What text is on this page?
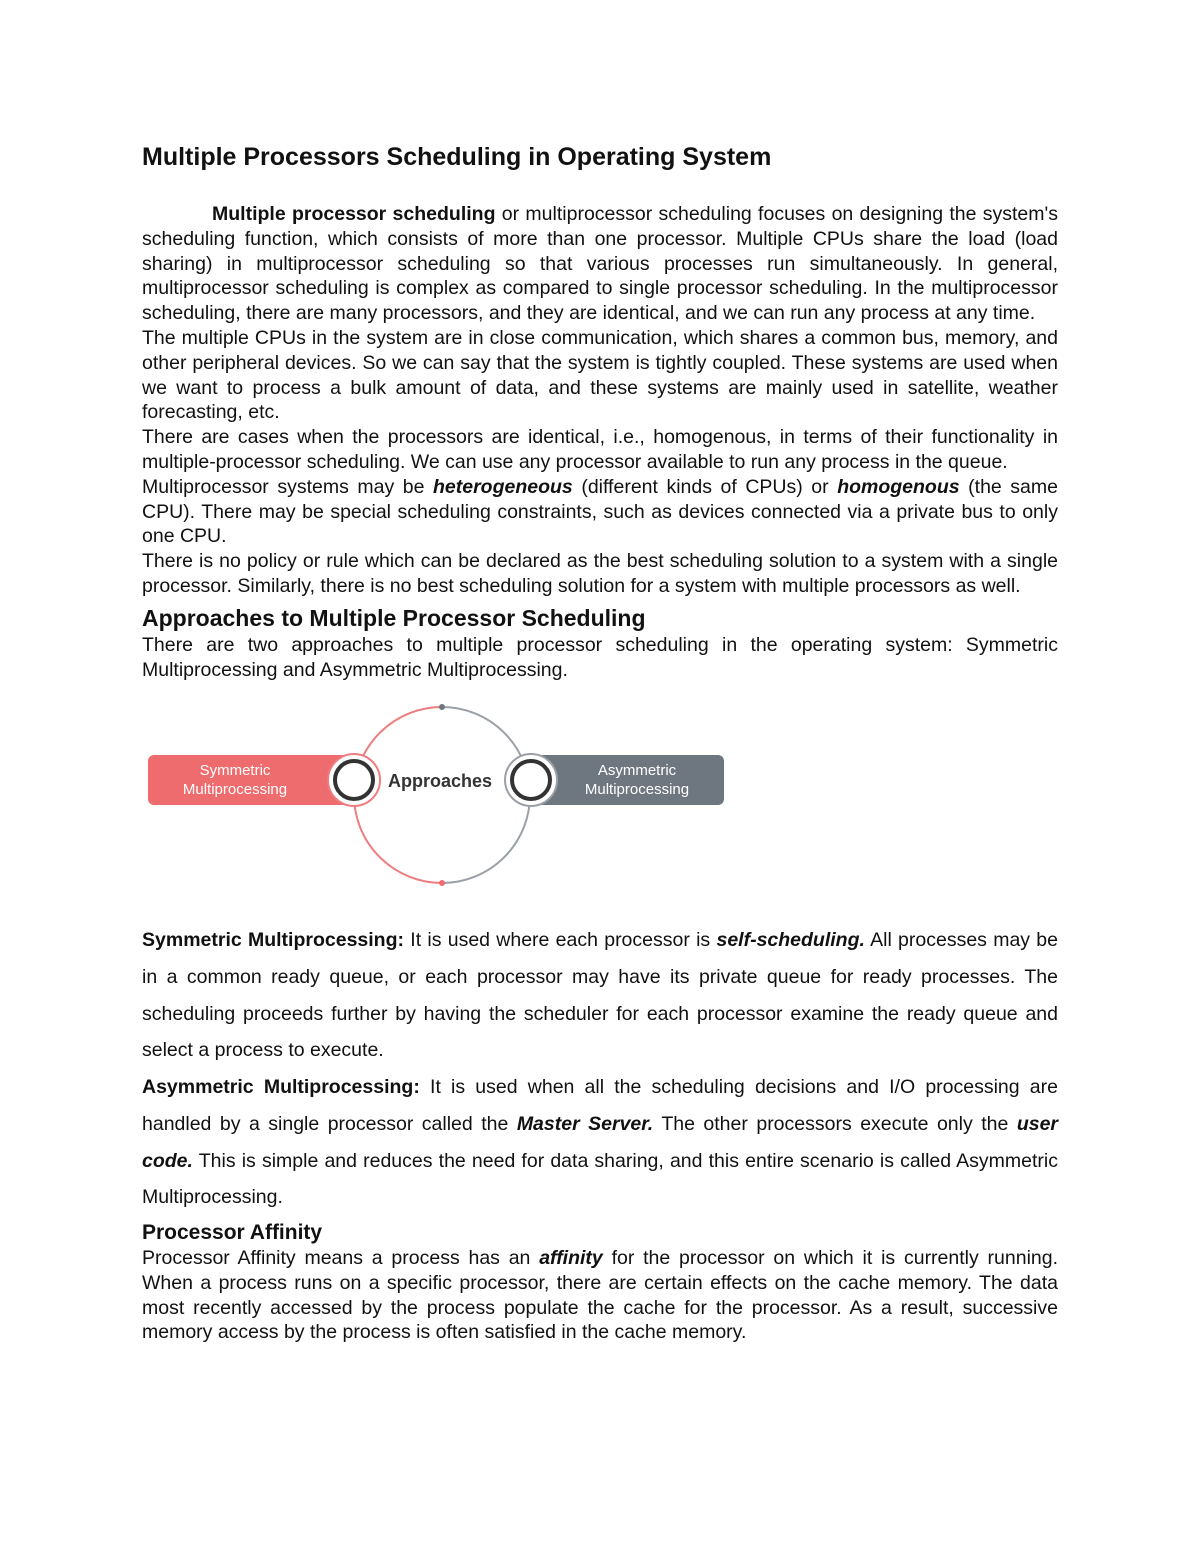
Multiple Processors Scheduling in Operating System

Multiple processor scheduling or multiprocessor scheduling focuses on designing the system's scheduling function, which consists of more than one processor. Multiple CPUs share the load (load sharing) in multiprocessor scheduling so that various processes run simultaneously. In general, multiprocessor scheduling is complex as compared to single processor scheduling. In the multiprocessor scheduling, there are many processors, and they are identical, and we can run any process at any time.

The multiple CPUs in the system are in close communication, which shares a common bus, memory, and other peripheral devices. So we can say that the system is tightly coupled. These systems are used when we want to process a bulk amount of data, and these systems are mainly used in satellite, weather forecasting, etc.

There are cases when the processors are identical, i.e., homogenous, in terms of their functionality in multiple-processor scheduling. We can use any processor available to run any process in the queue.

Multiprocessor systems may be heterogeneous (different kinds of CPUs) or homogenous (the same CPU). There may be special scheduling constraints, such as devices connected via a private bus to only one CPU.

There is no policy or rule which can be declared as the best scheduling solution to a system with a single processor. Similarly, there is no best scheduling solution for a system with multiple processors as well.

Approaches to Multiple Processor Scheduling

There are two approaches to multiple processor scheduling in the operating system: Symmetric Multiprocessing and Asymmetric Multiprocessing.

Symmetric
Multiprocessing	Approaches
Asymmetric
Multiprocessing

Symmetric Multiprocessing: It is used where each processor is self-scheduling. All processes may be in a common ready queue, or each processor may have its private queue for ready processes. The scheduling proceeds further by having the scheduler for each processor examine the ready queue and select a process to execute.

Asymmetric Multiprocessing: It is used when all the scheduling decisions and I/O processing are handled by a single processor called the Master Server. The other processors execute only the user code. This is simple and reduces the need for data sharing, and this entire scenario is called Asymmetric Multiprocessing.

Processor Affinity

Processor Affinity means a process has an affinity for the processor on which it is currently running. When a process runs on a specific processor, there are certain effects on the cache memory. The data most recently accessed by the process populate the cache for the processor. As a result, successive memory access by the process is often satisfied in the cache memory.
